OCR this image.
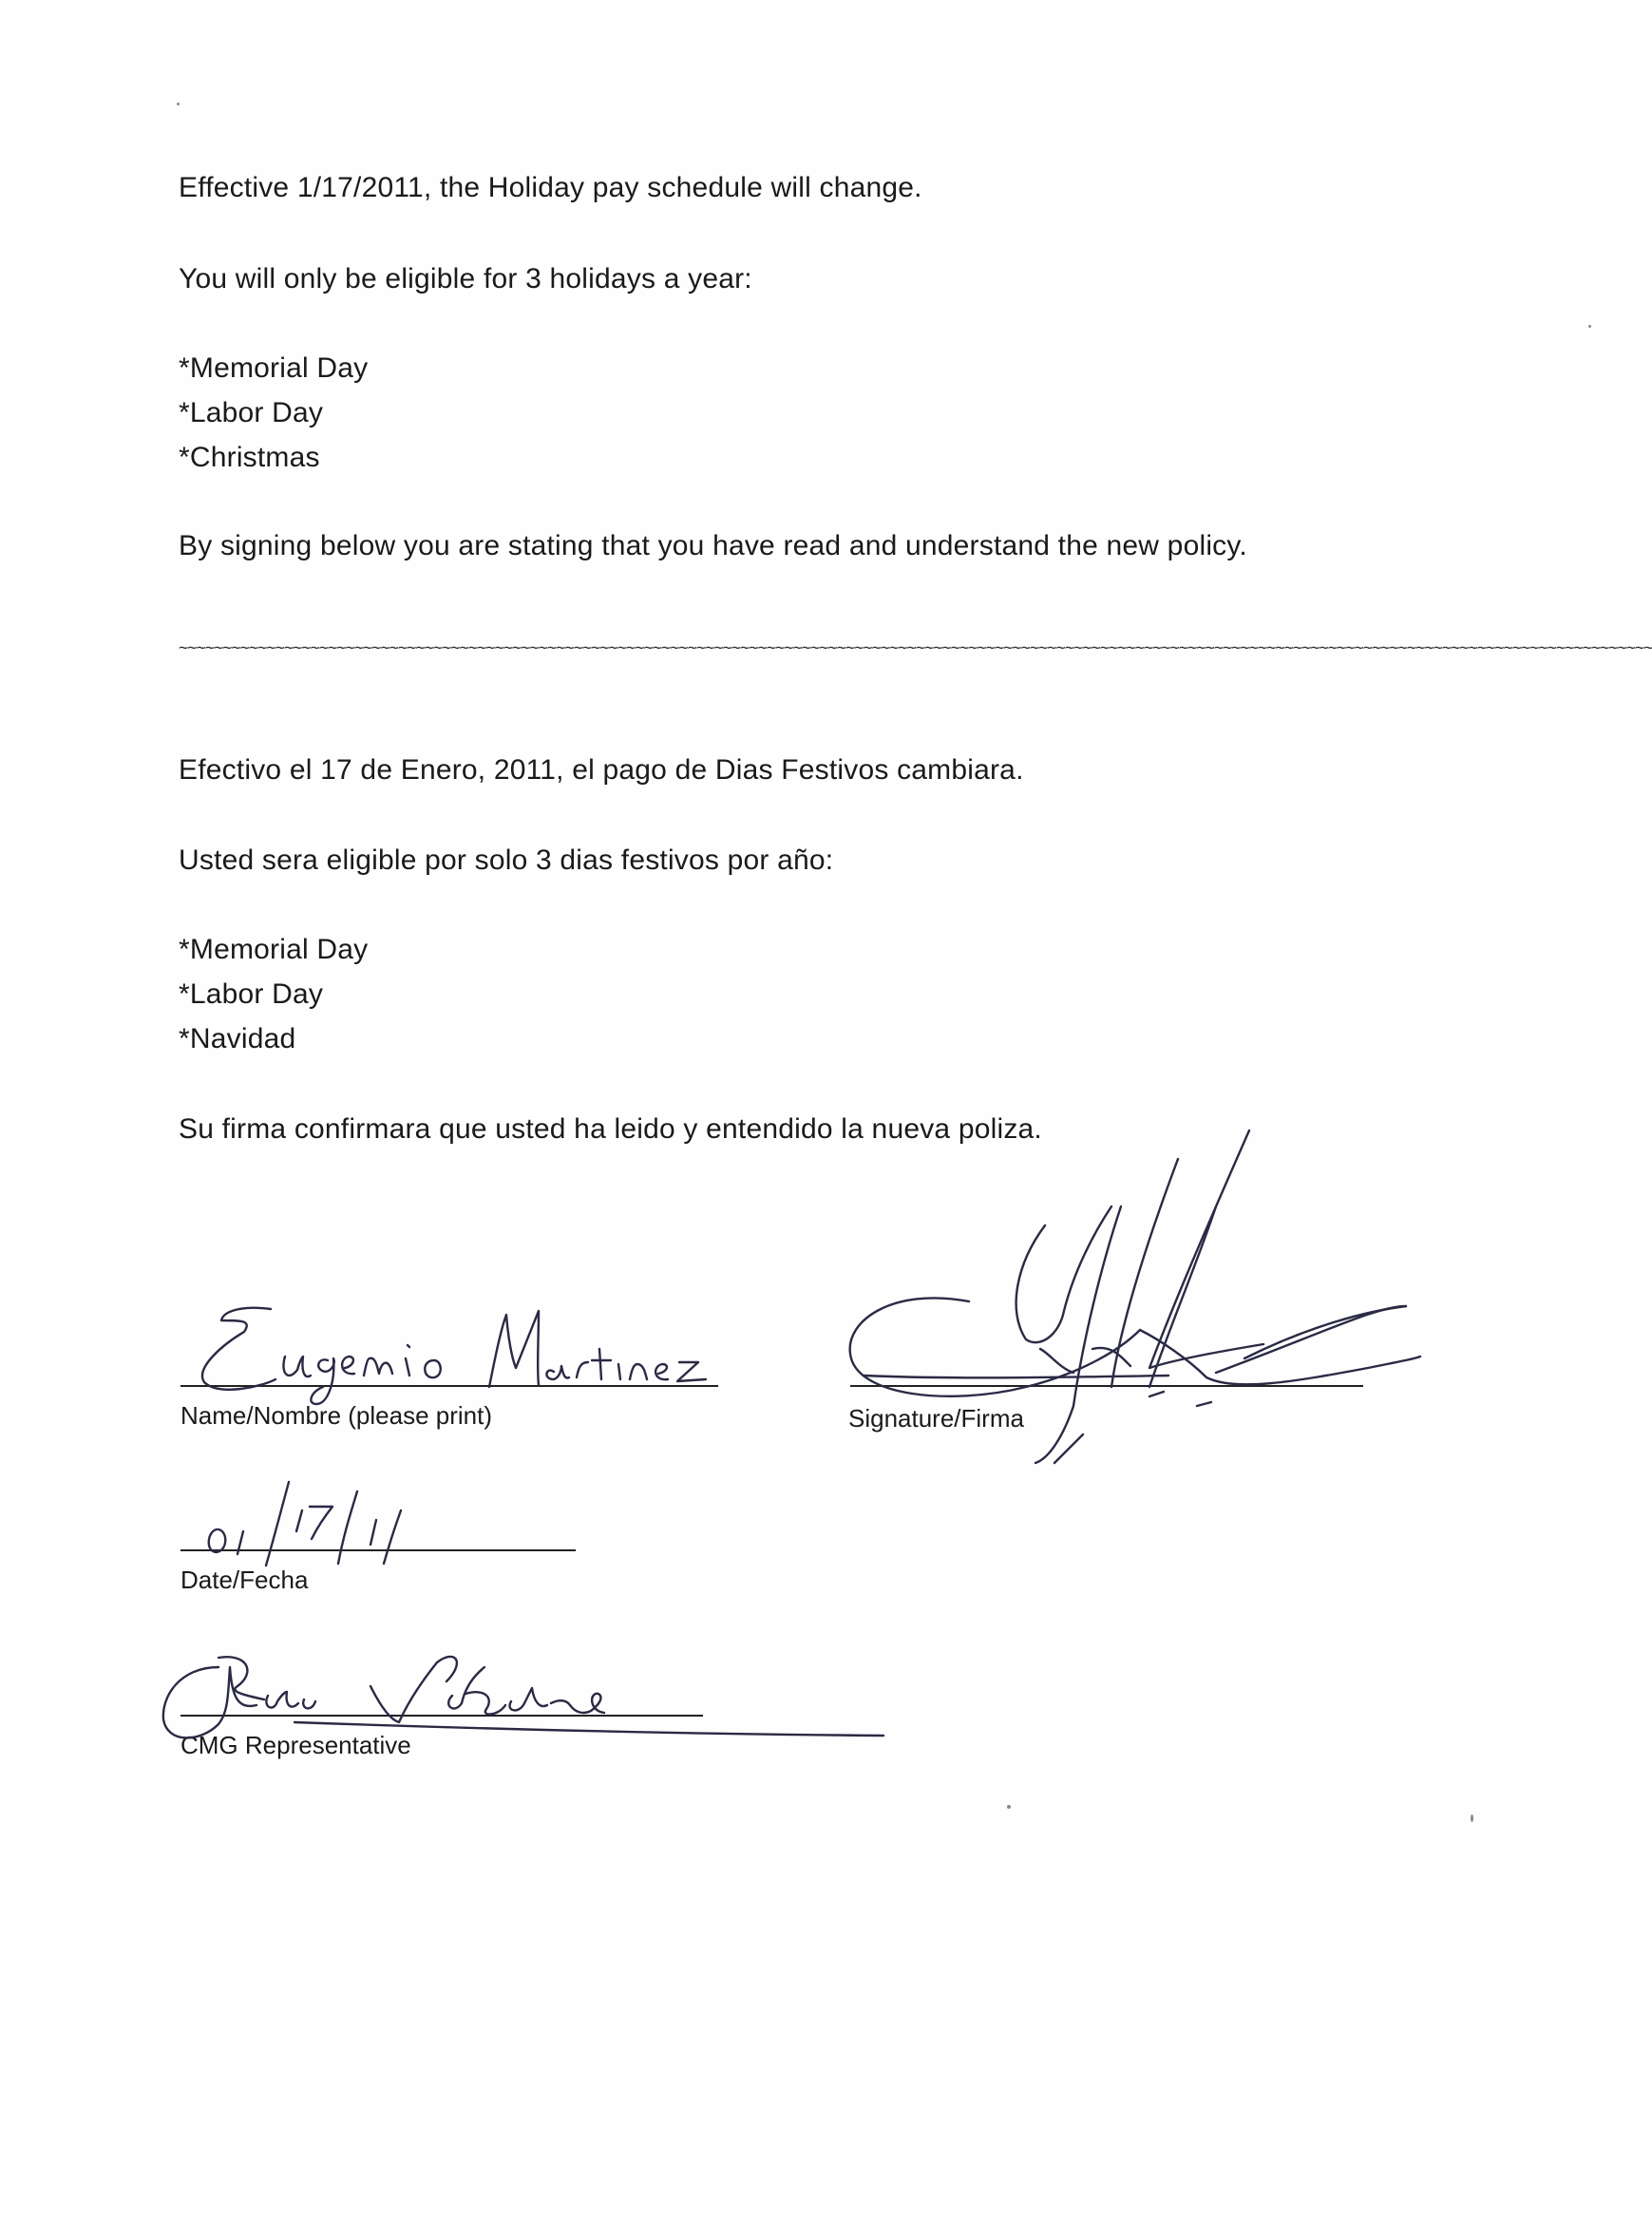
Effective 1/17/2011, the Holiday pay schedule will change.
You will only be eligible for 3 holidays a year:
*Memorial Day
*Labor Day
*Christmas
By signing below you are stating that you have read and understand the new policy.
~~~~~~~~~~~~~~~~~~~~~~~~~~~~~~~~~~~~~~~~~~~~~~~~~~~~~~~~~~~~~~~~~~~~~~~~~~~~~~~~~~~~~~~~~~~~~~~~~~~~~~~~~~~~~~~~~~~~~~~~~~~~~~~~~~~~~~~~~~~~~~~~~~~~~~~~~~~~~~~~~~~~~~~~
Efectivo el 17 de Enero, 2011, el pago de Dias Festivos cambiara.
Usted sera eligible por solo 3 dias festivos por año:
*Memorial Day
*Labor Day
*Navidad
Su firma confirmara que usted ha leido y entendido la nueva poliza.
Name/Nombre (please print)	Signature/Firma
Date/Fecha
CMG Representative
